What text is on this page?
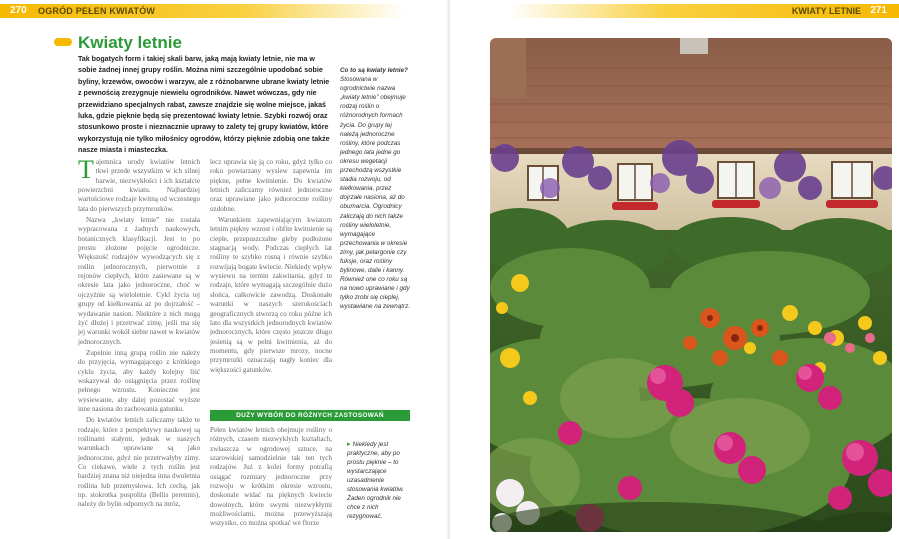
270 OGRÓD PEŁEN KWIATÓW
Kwiaty letnie
Tak bogatych form i takiej skali barw, jaką mają kwiaty letnie, nie ma w sobie żadnej innej grupy roślin. Można nimi szczególnie upodobać sobie byliny, krzewów, owoców i warzyw, ale z różnobarwne ubrane kwiaty letnie z pewnością zrezygnuje niewielu ogrodników. Nawet wówczas, gdy nie przewidziano specjalnych rabat, zawsze znajdzie się wolne miejsce, jakaś luka, gdzie pięknie będą się prezentować kwiaty letnie. Szybki rozwój oraz stosunkowo proste i nieznacznie uprawy to zalety tej grupy kwiatów, które wykorzystują nie tylko miłośnicy ogrodów, którzy pięknie zdobią one także nasze miasta i miasteczka.
Co to są kwiaty letnie?
Stosowana w ogrodnictwie nazwa „kwiaty letnie” obejmuje rodzaj roślin o różnorodnych formach życia. Do grupy tej należą jednoroczne rośliny, które podczas jednego lata jedne go okresu wegetacji przechodzą wszystkie stadia rozwoju, od kiełkowania, przez dojrzałe nasiona, aż do obumarcia. Ogrodnicy zaliczają do nich także rośliny wieloletnie, wymagające przechowania w okresie zimy, jak pelargonie czy fuksje, oraz rośliny bylinowe, dalie i kanny. Również one co roku są na nowo uprawiane i gdy tylko zrobi się cieplej, wystawiane na zewnątrz.

Tajemnica urody kwiatów letnich tkwi przede wszystkim w ich silnej barwie, niezwykłości i ich kształcie powierzchni kwiatu. Najbardziej wartościowe rodzaje kwitną od wczesnego lata do pierwszych przymrozków.

Nazwa „kwiaty letnie” nie została wypracowana z żadnych naukowych, botanicznych klasyfikacji. Jest to po prostu złożone pojęcie ogrodnicze. Większość rodzajów wywodzących się z roślin jednorocznych, pierwotnie z rejonów ciepłych, które zasiewane są w okresie lata jako jednoroczne, choć w ojczyźnie są wieloletnie. Cykl życia tej grupy od kiełkowania aż po dojrzałość – wydawanie nasion. Niektóre z nich mogą żyć dłużej i przetrwać zimę, jeśli ma się jej warunki wokół siebie nawet w kwiatów jednorocznych.

Zupełnie inną grupą roślin nie należy do przyjęcia, wymagającego z krótkiego cyklu życia, aby każdy kolejny liść wskazywał do osiągnięcia przez roślinę pełnego wzrostu. Konieczne jest wysiewanie, aby dalej pozostać wyższe inne nasiona do zachowania gatunku.

Do kwiatów letnich zaliczamy także te rodzaje, które z perspektywy naukowej są roślinami stałymi, jednak w naszych warunkach uprawiane są jako jednoroczne, gdyż nie przetrwałyby zimy. Co ciekawe, wiele z tych roślin jest bardziej znana niż niejedna inna dwuletnia roślina lub przemysłowa. Ich cechą, jak np. stokrotka pospolita (Bellis perennis), należy do bylin odpornych na mróz,

lecz uprawia się ją co roku, gdyż tylko co roku powtarzany wysiew zapewnia im piękne, pełne kwitnienie. Do kwiatów letnich zaliczamy również jednoroczne oraz uprawiane jako jednoroczne rośliny ozdobne.

Warunkiem zapewniającym kwiatom letnim piękny wzrost i obfite kwitnienie są ciepłe, przepuszczalne gleby podłożone stagnacją wody. Podczas ciepłych lat rośliny te szybko rosną i równie szybko rozwijają bogate kwiecie. Niekiedy wpływ wysiewu na termin zakwitania, gdyż te rodzaje, które wymagają szczególnie dużo słońca, całkowicie zawodzą. Doskonałe warunki w naszych szerokościach geograficznych stworzą co roku późne ich lato dla wszystkich jednorodnych kwiatów jednorocznych, które często jeszcze długo jesienią są w pełni kwitnienia, aż do momentu, gdy pierwsze mrozy, nocne przymrozki oznaczają nagły koniec dla większości gatunków.

DUŻY WYBÓR DO RÓŻNYCH ZASTOSOWAŃ

Pełen kwiatów letnich obejmuje rośliny o różnych, czasem niezwykłych kształtach, zwłaszcza w ogrodowej sztuce, na szarowskiej samodzielnie tak ten tych rodzajów. Już z kolei formy potrafią osiągać rozmiary jednoroczne przy rozwoju w krótkim okresie wzrostu, doskonale widać na pięknych kwiecie dowolnych, które swymi niezwykłymi możliwościami, można przewyższają wszystko, co można spotkać we florze

▸ Niekiedy jest praktyczne, aby po prostu pięknie – to wystarczające uzasadnienie stosowania kwiatów. Żaden ogrodnik nie chce z nich rezygnować.
KWIATY LETNIE 271
